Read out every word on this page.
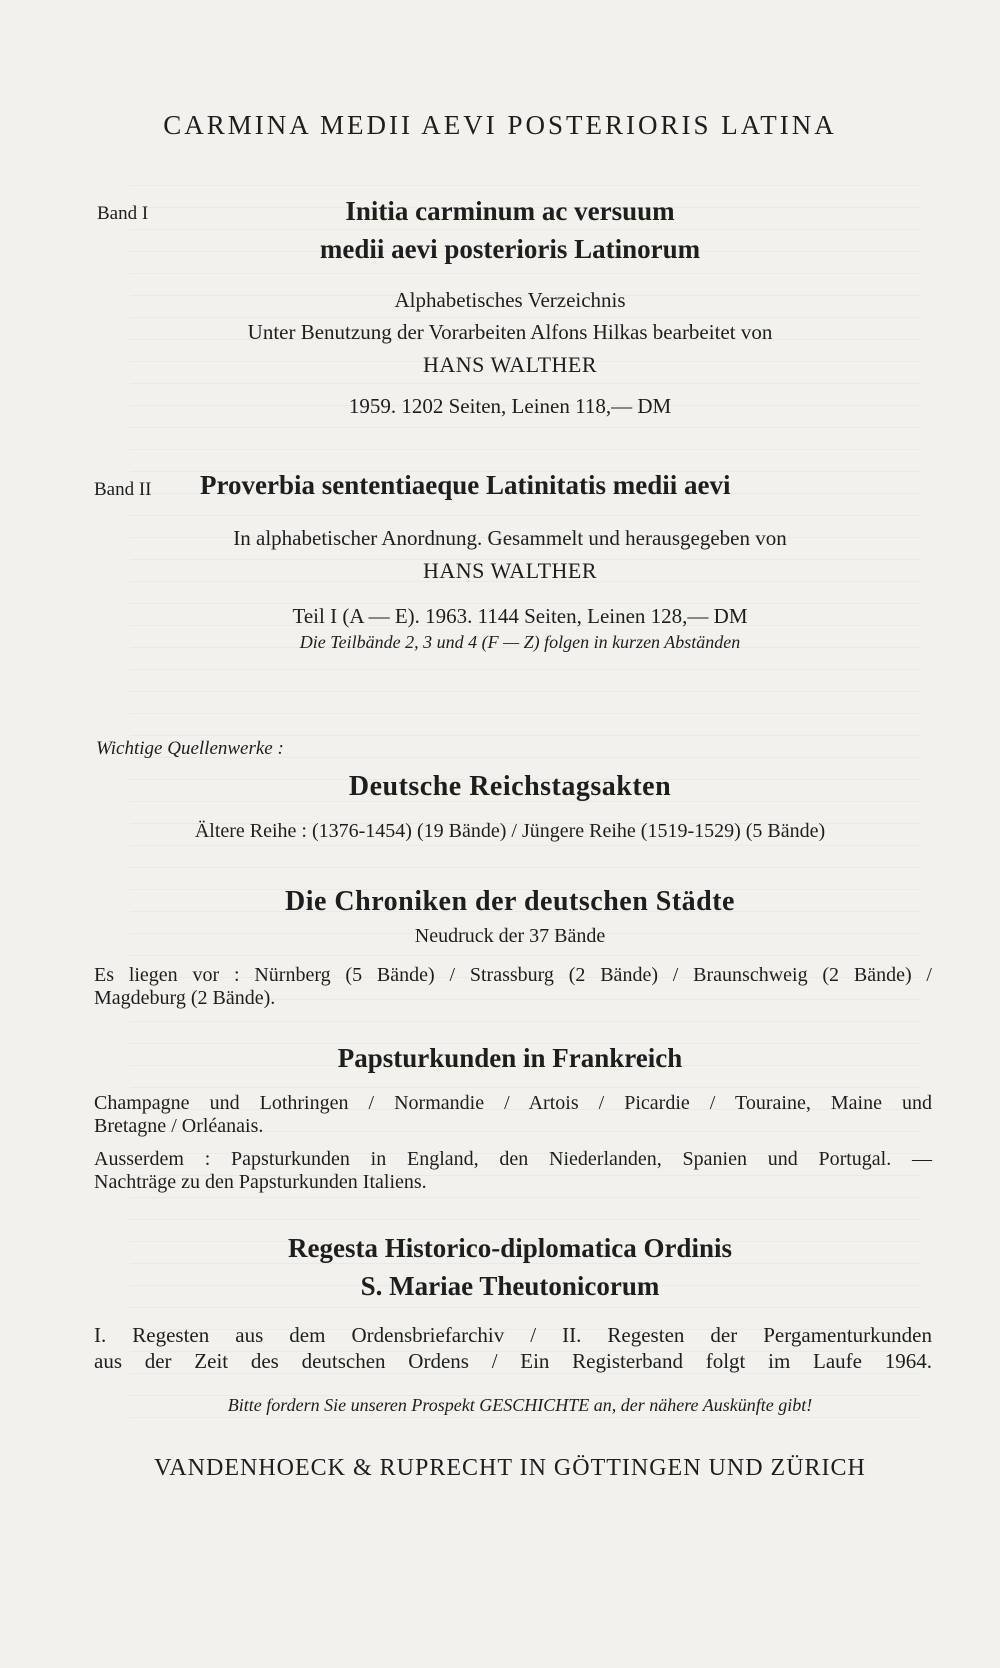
CARMINA MEDII AEVI POSTERIORIS LATINA
Band I	Initia carminum ac versuum
medii aevi posterioris Latinorum
Alphabetisches Verzeichnis
Unter Benutzung der Vorarbeiten Alfons Hilkas bearbeitet von
HANS WALTHER
1959. 1202 Seiten, Leinen 118,— DM
Band II Proverbia sententiaeque Latinitatis medii aevi
In alphabetischer Anordnung. Gesammelt und herausgegeben von
HANS WALTHER
Teil I (A — E). 1963. 1144 Seiten, Leinen 128,— DM
Die Teilbände 2, 3 und 4 (F — Z) folgen in kurzen Abständen
Wichtige Quellenwerke :
Deutsche Reichstagsakten
Ältere Reihe : (1376-1454) (19 Bände) / Jüngere Reihe (1519-1529) (5 Bände)
Die Chroniken der deutschen Städte
Neudruck der 37 Bände
Es liegen vor : Nürnberg (5 Bände) / Strassburg (2 Bände) / Braunschweig (2 Bände) /
Magdeburg (2 Bände).
Papsturkunden in Frankreich
Champagne und Lothringen / Normandie / Artois / Picardie / Touraine, Maine und
Bretagne / Orléanais.
Ausserdem : Papsturkunden in England, den Niederlanden, Spanien und Portugal. —
Nachträge zu den Papsturkunden Italiens.
Regesta Historico-diplomatica Ordinis
S. Mariae Theutonicorum
I. Regesten aus dem Ordensbriefarchiv / II. Regesten der Pergamenturkunden
aus der Zeit des deutschen Ordens / Ein Registerband folgt im Laufe 1964.
Bitte fordern Sie unseren Prospekt GESCHICHTE an, der nähere Auskünfte gibt!
VANDENHOECK & RUPRECHT IN GÖTTINGEN UND ZÜRICH
